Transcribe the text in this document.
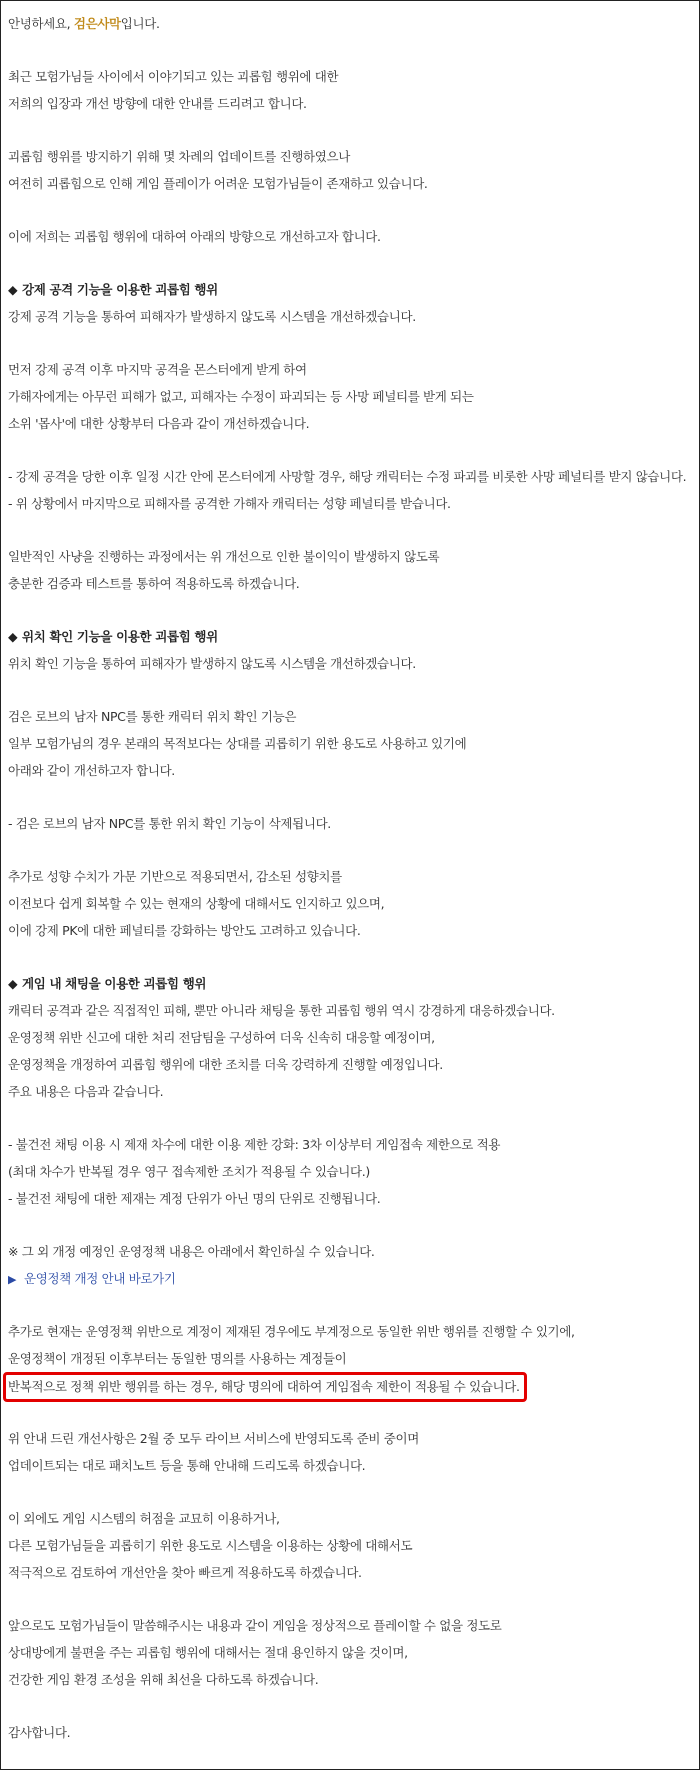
안녕하세요, 검은사막입니다.
최근 모험가님들 사이에서 이야기되고 있는 괴롭힘 행위에 대한
저희의 입장과 개선 방향에 대한 안내를 드리려고 합니다.
괴롭힘 행위를 방지하기 위해 몇 차례의 업데이트를 진행하였으나
여전히 괴롭힘으로 인해 게임 플레이가 어려운 모험가님들이 존재하고 있습니다.
이에 저희는 괴롭힘 행위에 대하여 아래의 방향으로 개선하고자 합니다.
◆ 강제 공격 기능을 이용한 괴롭힘 행위
강제 공격 기능을 통하여 피해자가 발생하지 않도록 시스템을 개선하겠습니다.
먼저 강제 공격 이후 마지막 공격을 몬스터에게 받게 하여
가해자에게는 아무런 피해가 없고, 피해자는 수정이 파괴되는 등 사망 페널티를 받게 되는
소위 '몹사'에 대한 상황부터 다음과 같이 개선하겠습니다.
- 강제 공격을 당한 이후 일정 시간 안에 몬스터에게 사망할 경우, 해당 캐릭터는 수정 파괴를 비롯한 사망 페널티를 받지 않습니다.
- 위 상황에서 마지막으로 피해자를 공격한 가해자 캐릭터는 성향 페널티를 받습니다.
일반적인 사냥을 진행하는 과정에서는 위 개선으로 인한 불이익이 발생하지 않도록
충분한 검증과 테스트를 통하여 적용하도록 하겠습니다.
◆ 위치 확인 기능을 이용한 괴롭힘 행위
위치 확인 기능을 통하여 피해자가 발생하지 않도록 시스템을 개선하겠습니다.
검은 로브의 남자 NPC를 통한 캐릭터 위치 확인 기능은
일부 모험가님의 경우 본래의 목적보다는 상대를 괴롭히기 위한 용도로 사용하고 있기에
아래와 같이 개선하고자 합니다.
- 검은 로브의 남자 NPC를 통한 위치 확인 기능이 삭제됩니다.
추가로 성향 수치가 가문 기반으로 적용되면서, 감소된 성향치를
이전보다 쉽게 회복할 수 있는 현재의 상황에 대해서도 인지하고 있으며,
이에 강제 PK에 대한 페널티를 강화하는 방안도 고려하고 있습니다.
◆ 게임 내 채팅을 이용한 괴롭힘 행위
캐릭터 공격과 같은 직접적인 피해, 뿐만 아니라 채팅을 통한 괴롭힘 행위 역시 강경하게 대응하겠습니다.
운영정책 위반 신고에 대한 처리 전담팀을 구성하여 더욱 신속히 대응할 예정이며,
운영정책을 개정하여 괴롭힘 행위에 대한 조치를 더욱 강력하게 진행할 예정입니다.
주요 내용은 다음과 같습니다.
- 불건전 채팅 이용 시 제재 차수에 대한 이용 제한 강화: 3차 이상부터 게임접속 제한으로 적용
(최대 차수가 반복될 경우 영구 접속제한 조치가 적용될 수 있습니다.)
- 불건전 채팅에 대한 제재는 계정 단위가 아닌 명의 단위로 진행됩니다.
※ 그 외 개정 예정인 운영정책 내용은 아래에서 확인하실 수 있습니다.
▶ 운영정책 개정 안내 바로가기
추가로 현재는 운영정책 위반으로 계정이 제재된 경우에도 부계정으로 동일한 위반 행위를 진행할 수 있기에,
운영정책이 개정된 이후부터는 동일한 명의를 사용하는 계정들이
반복적으로 정책 위반 행위를 하는 경우, 해당 명의에 대하여 게임접속 제한이 적용될 수 있습니다.
위 안내 드린 개선사항은 2월 중 모두 라이브 서비스에 반영되도록 준비 중이며
업데이트되는 대로 패치노트 등을 통해 안내해 드리도록 하겠습니다.
이 외에도 게임 시스템의 허점을 교묘히 이용하거나,
다른 모험가님들을 괴롭히기 위한 용도로 시스템을 이용하는 상황에 대해서도
적극적으로 검토하여 개선안을 찾아 빠르게 적용하도록 하겠습니다.
앞으로도 모험가님들이 말씀해주시는 내용과 같이 게임을 정상적으로 플레이할 수 없을 정도로
상대방에게 불편을 주는 괴롭힘 행위에 대해서는 절대 용인하지 않을 것이며,
건강한 게임 환경 조성을 위해 최선을 다하도록 하겠습니다.
감사합니다.
